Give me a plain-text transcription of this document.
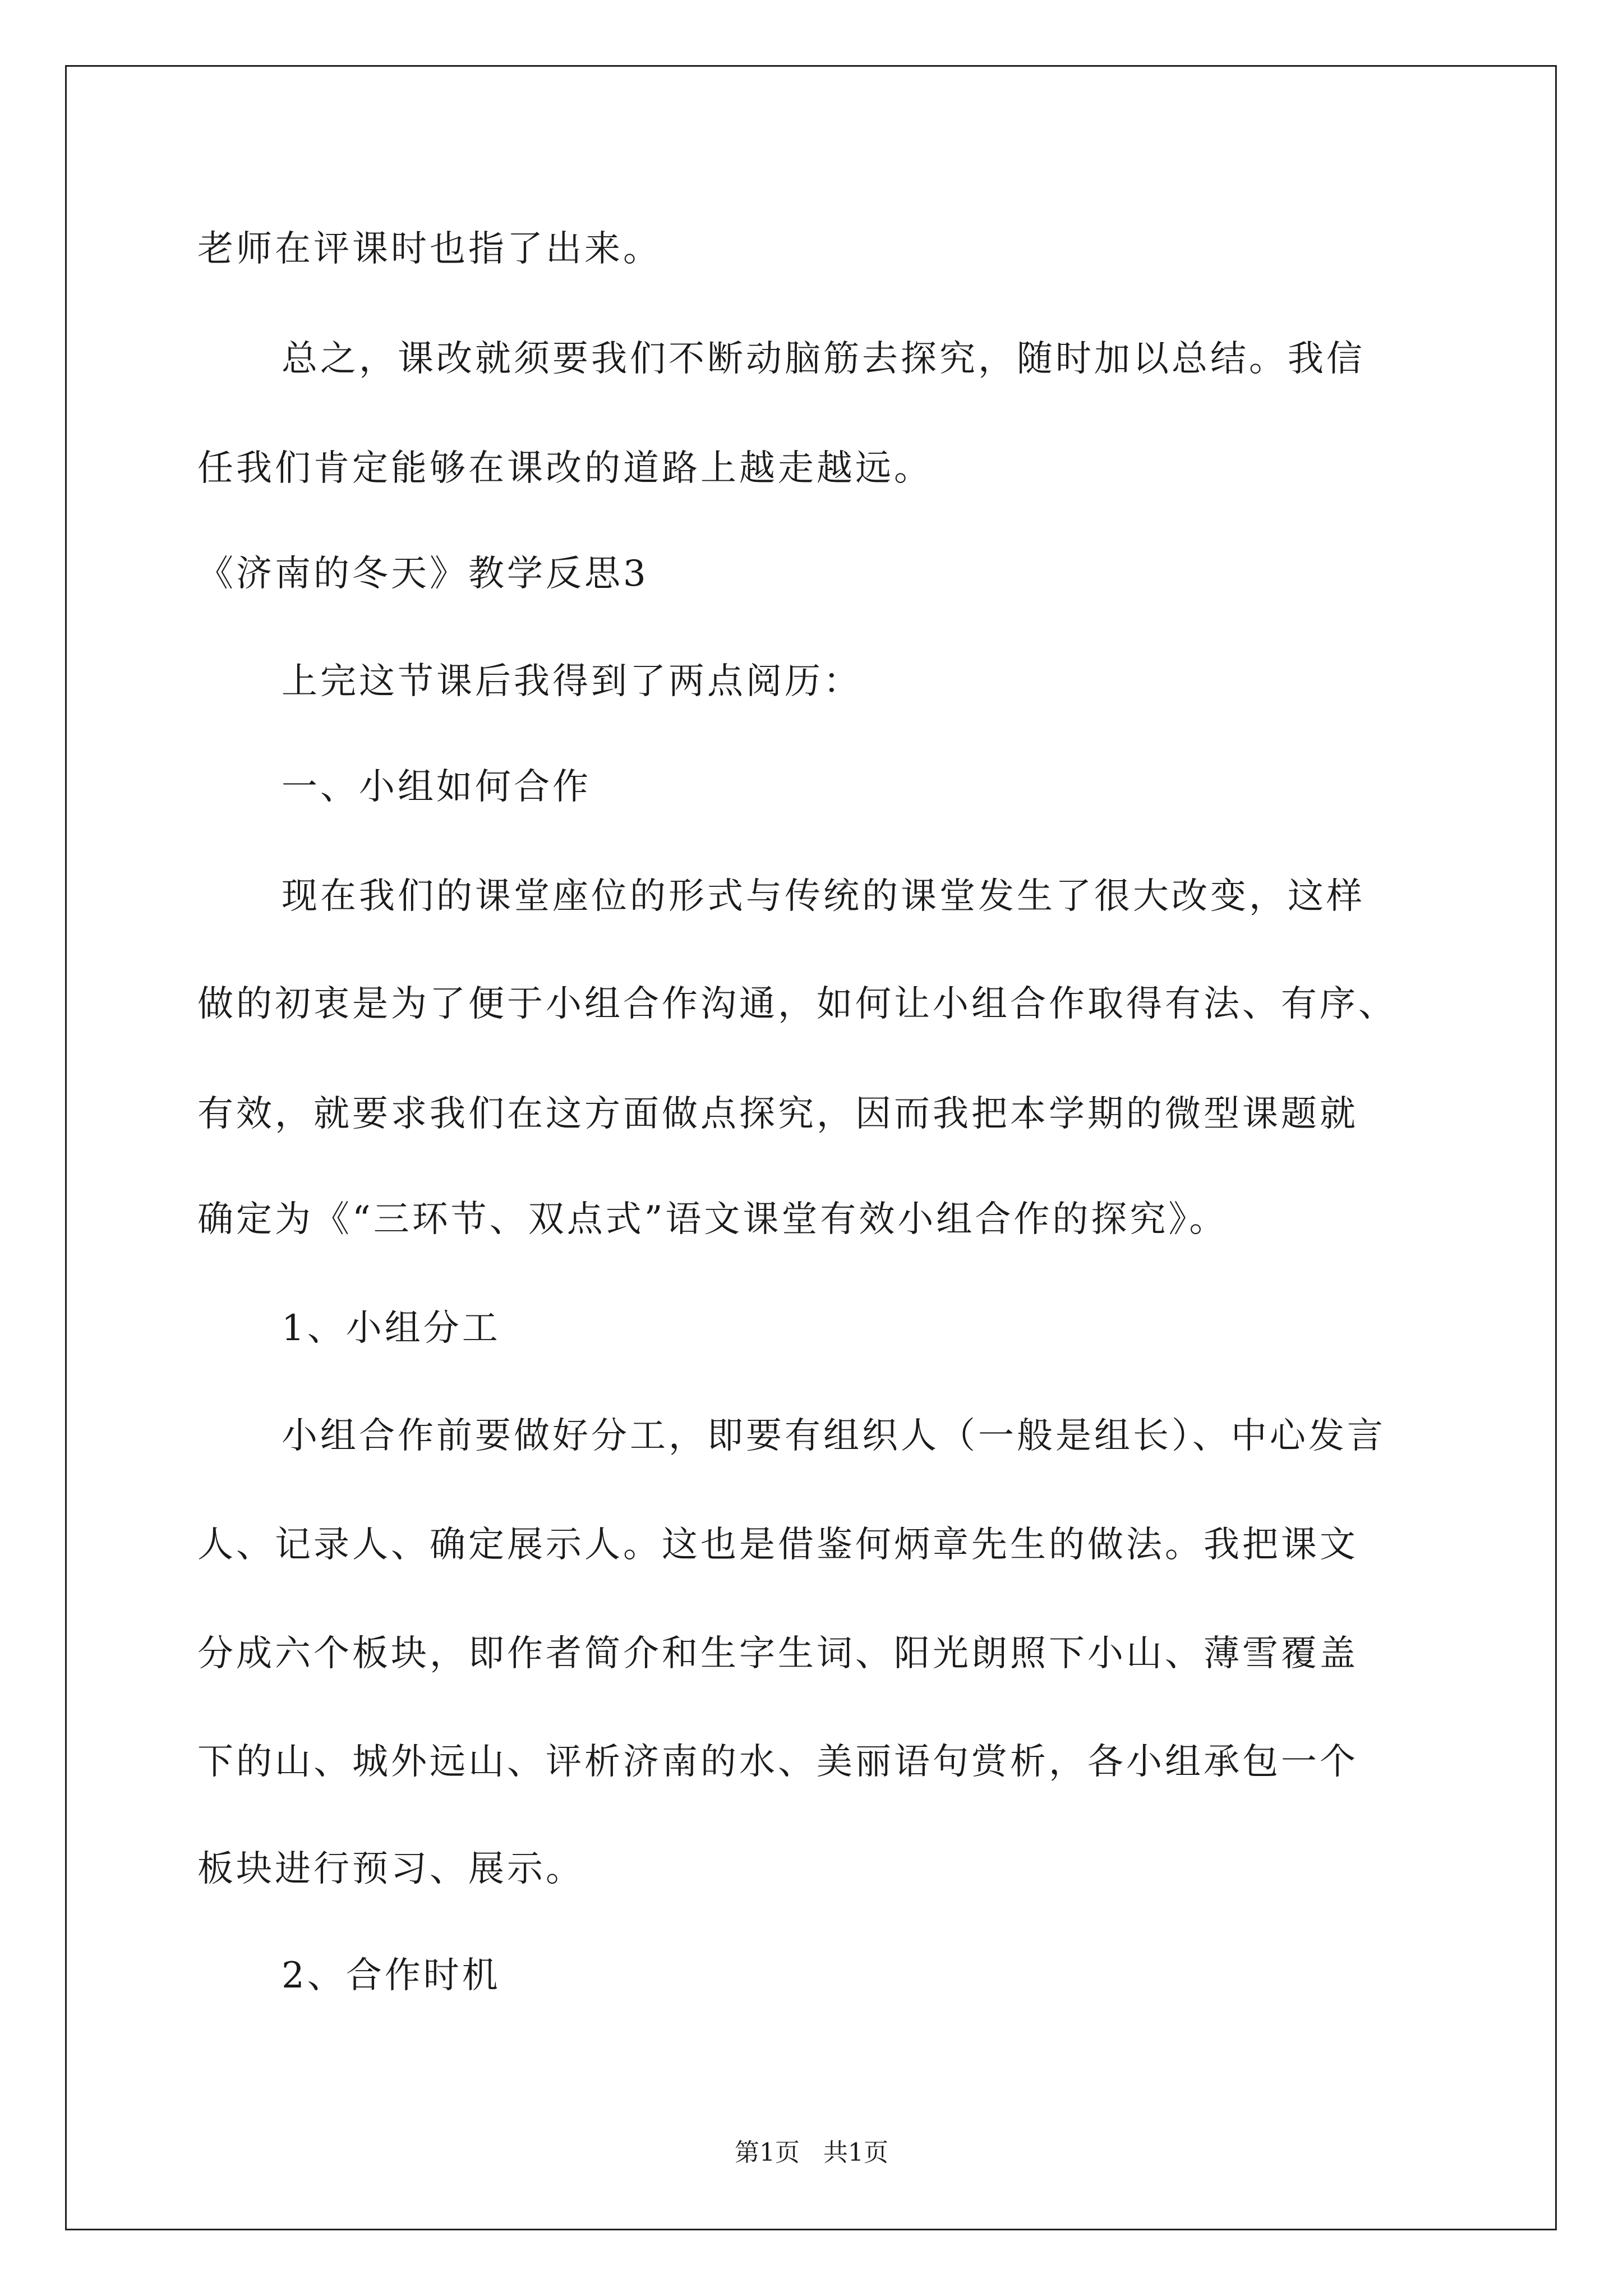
老师在评课时也指了出来。
总之，课改就须要我们不断动脑筋去探究，随时加以总结。我信
任我们肯定能够在课改的道路上越走越远。
《济南的冬天》教学反思3
上完这节课后我得到了两点阅历：
一、小组如何合作
现在我们的课堂座位的形式与传统的课堂发生了很大改变，这样
做的初衷是为了便于小组合作沟通，如何让小组合作取得有法、有序、
有效，就要求我们在这方面做点探究，因而我把本学期的微型课题就
确定为《“三环节、双点式”语文课堂有效小组合作的探究》。
1、小组分工
小组合作前要做好分工，即要有组织人（一般是组长）、中心发言
人、记录人、确定展示人。这也是借鉴何炳章先生的做法。我把课文
分成六个板块，即作者简介和生字生词、阳光朗照下小山、薄雪覆盖
下的山、城外远山、评析济南的水、美丽语句赏析，各小组承包一个
板块进行预习、展示。
2、合作时机
第1页 共1页
